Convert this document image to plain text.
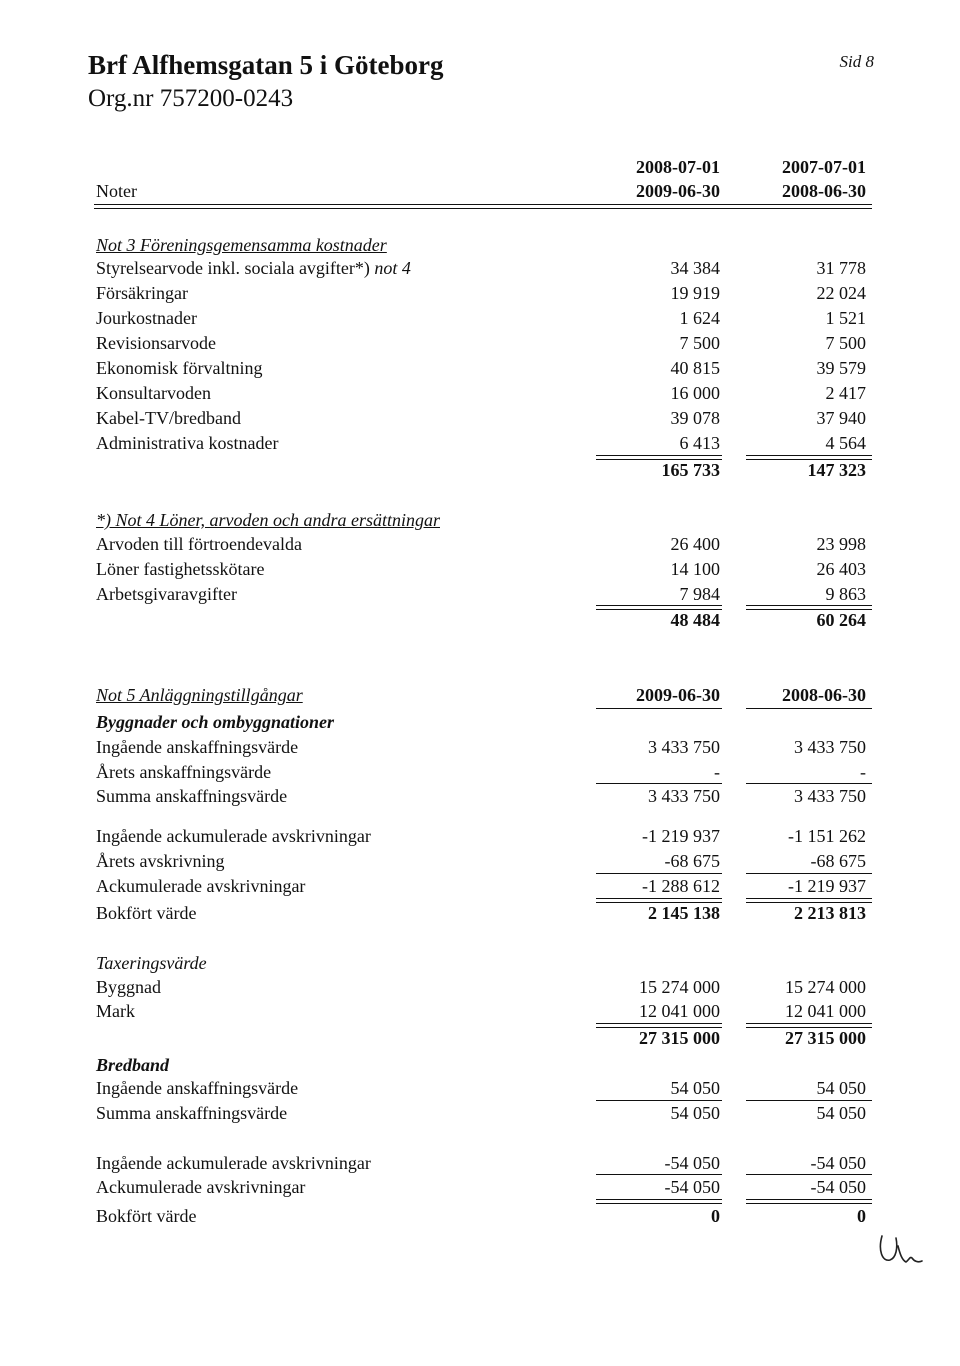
Brf Alfhemsgatan 5 i Göteborg
Org.nr 757200-0243
Sid 8
2008-07-01	2007-07-01
Noter	2009-06-30	2008-06-30
Not 3 Föreningsgemensamma kostnader
Styrelsearvode inkl. sociala avgifter*) not 4	34 384	31 778
Försäkringar	19 919	22 024
Jourkostnader	1 624	1 521
Revisionsarvode	7 500	7 500
Ekonomisk förvaltning	40 815	39 579
Konsultarvoden	16 000	2 417
Kabel-TV/bredband	39 078	37 940
Administrativa kostnader	6 413	4 564
165 733	147 323
*) Not 4 Löner, arvoden och andra ersättningar
Arvoden till förtroendevalda	26 400	23 998
Löner fastighetsskötare	14 100	26 403
Arbetsgivaravgifter	7 984	9 863
48 484	60 264
Not 5 Anläggningstillgångar	2009-06-30	2008-06-30
Byggnader och ombyggnationer
Ingående anskaffningsvärde	3 433 750	3 433 750
Årets anskaffningsvärde	-	-
Summa anskaffningsvärde	3 433 750	3 433 750
Ingående ackumulerade avskrivningar	-1 219 937	-1 151 262
Årets avskrivning	-68 675	-68 675
Ackumulerade avskrivningar	-1 288 612	-1 219 937
Bokfört värde	2 145 138	2 213 813
Taxeringsvärde
Byggnad	15 274 000	15 274 000
Mark	12 041 000	12 041 000
27 315 000	27 315 000
Bredband
Ingående anskaffningsvärde	54 050	54 050
Summa anskaffningsvärde	54 050	54 050
Ingående ackumulerade avskrivningar	-54 050	-54 050
Ackumulerade avskrivningar	-54 050	-54 050
Bokfört värde	0	0
